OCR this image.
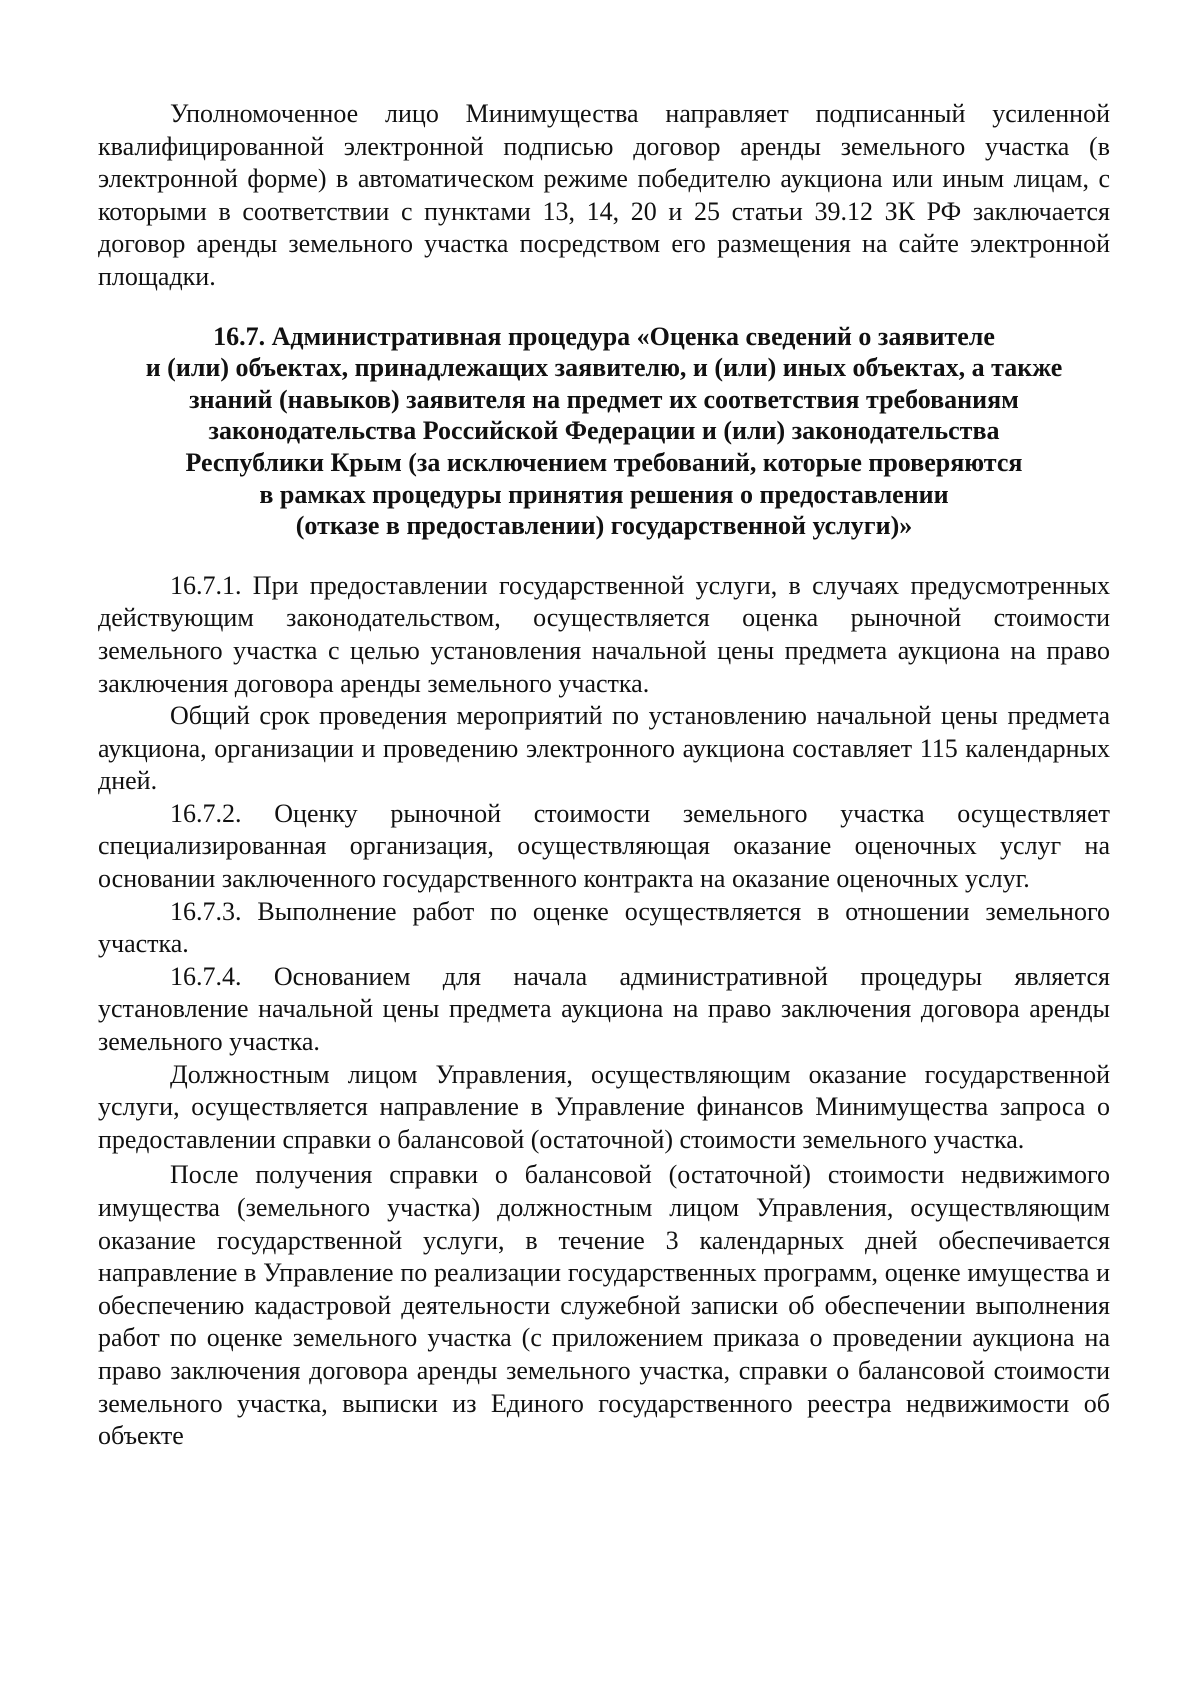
Уполномоченное лицо Минимущества направляет подписанный усиленной квалифицированной электронной подписью договор аренды земельного участка (в электронной форме) в автоматическом режиме победителю аукциона или иным лицам, с которыми в соответствии с пунктами 13, 14, 20 и 25 статьи 39.12 ЗК РФ заключается договор аренды земельного участка посредством его размещения на сайте электронной площадки.

16.7. Административная процедура «Оценка сведений о заявителе
и (или) объектах, принадлежащих заявителю, и (или) иных объектах, а также
знаний (навыков) заявителя на предмет их соответствия требованиям
законодательства Российской Федерации и (или) законодательства
Республики Крым (за исключением требований, которые проверяются
в рамках процедуры принятия решения о предоставлении
(отказе в предоставлении) государственной услуги)»

16.7.1. При предоставлении государственной услуги, в случаях предусмотренных действующим законодательством, осуществляется оценка рыночной стоимости земельного участка с целью установления начальной цены предмета аукциона на право заключения договора аренды земельного участка.

Общий срок проведения мероприятий по установлению начальной цены предмета аукциона, организации и проведению электронного аукциона составляет 115 календарных дней.

16.7.2. Оценку рыночной стоимости земельного участка осуществляет специализированная организация, осуществляющая оказание оценочных услуг на основании заключенного государственного контракта на оказание оценочных услуг.

16.7.3. Выполнение работ по оценке осуществляется в отношении земельного участка.

16.7.4. Основанием для начала административной процедуры является установление начальной цены предмета аукциона на право заключения договора аренды земельного участка.

Должностным лицом Управления, осуществляющим оказание государственной услуги, осуществляется направление в Управление финансов Минимущества запроса о предоставлении справки о балансовой (остаточной) стоимости земельного участка.

После получения справки о балансовой (остаточной) стоимости недвижимого имущества (земельного участка) должностным лицом Управления, осуществляющим оказание государственной услуги, в течение 3 календарных дней обеспечивается направление в Управление по реализации государственных программ, оценке имущества и обеспечению кадастровой деятельности служебной записки об обеспечении выполнения работ по оценке земельного участка (с приложением приказа о проведении аукциона на право заключения договора аренды земельного участка, справки о балансовой стоимости земельного участка, выписки из Единого государственного реестра недвижимости об объекте
